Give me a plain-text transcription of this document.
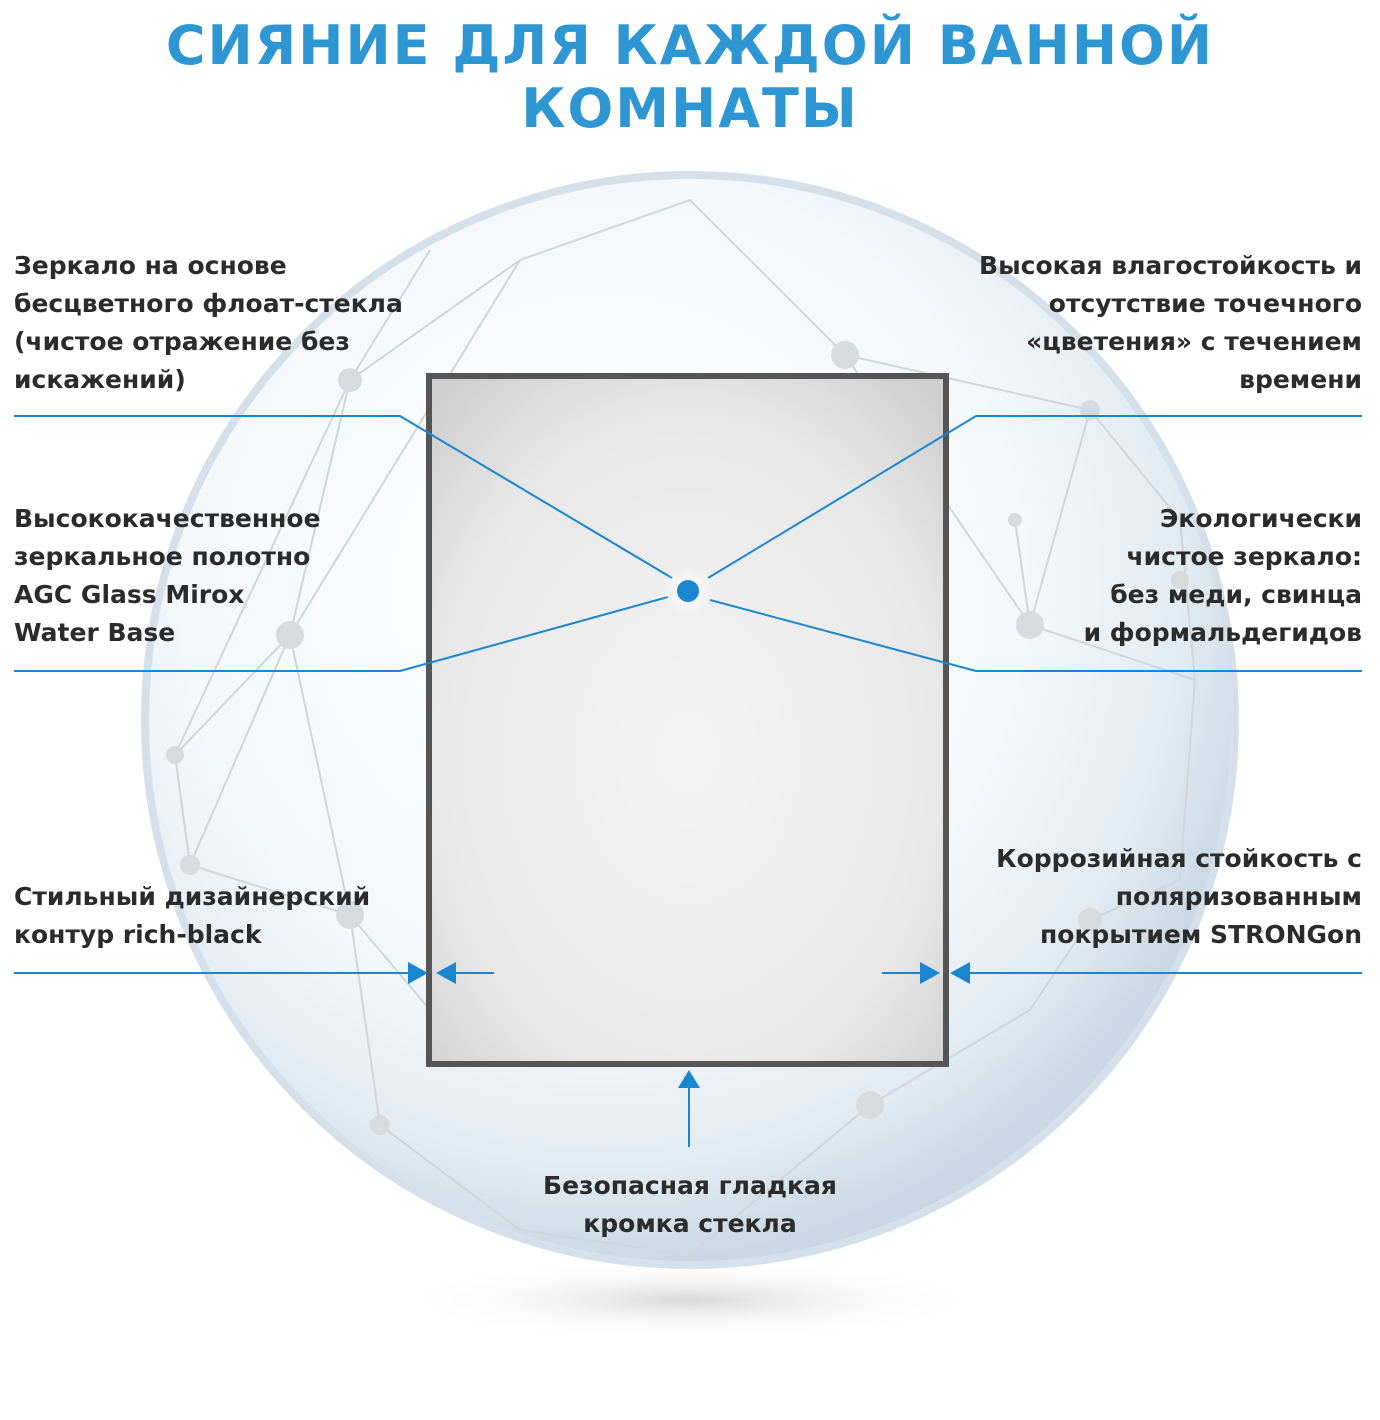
СИЯНИЕ ДЛЯ КАЖДОЙ ВАННОЙ КОМНАТЫ
Зеркало на основе
бесцветного флоат-стекла
(чистое отражение без
искажений)
Высокая влагостойкость и
отсутствие точечного
«цветения» с течением
времени
Высококачественное
зеркальное полотно
AGC Glass Mirox
Water Base
Экологически
чистое зеркало:
без меди, свинца
и формальдегидов
Стильный дизайнерский
контур rich-black
Коррозийная стойкость с
поляризованным
покрытием STRONGon
Безопасная гладкая
кромка стекла
